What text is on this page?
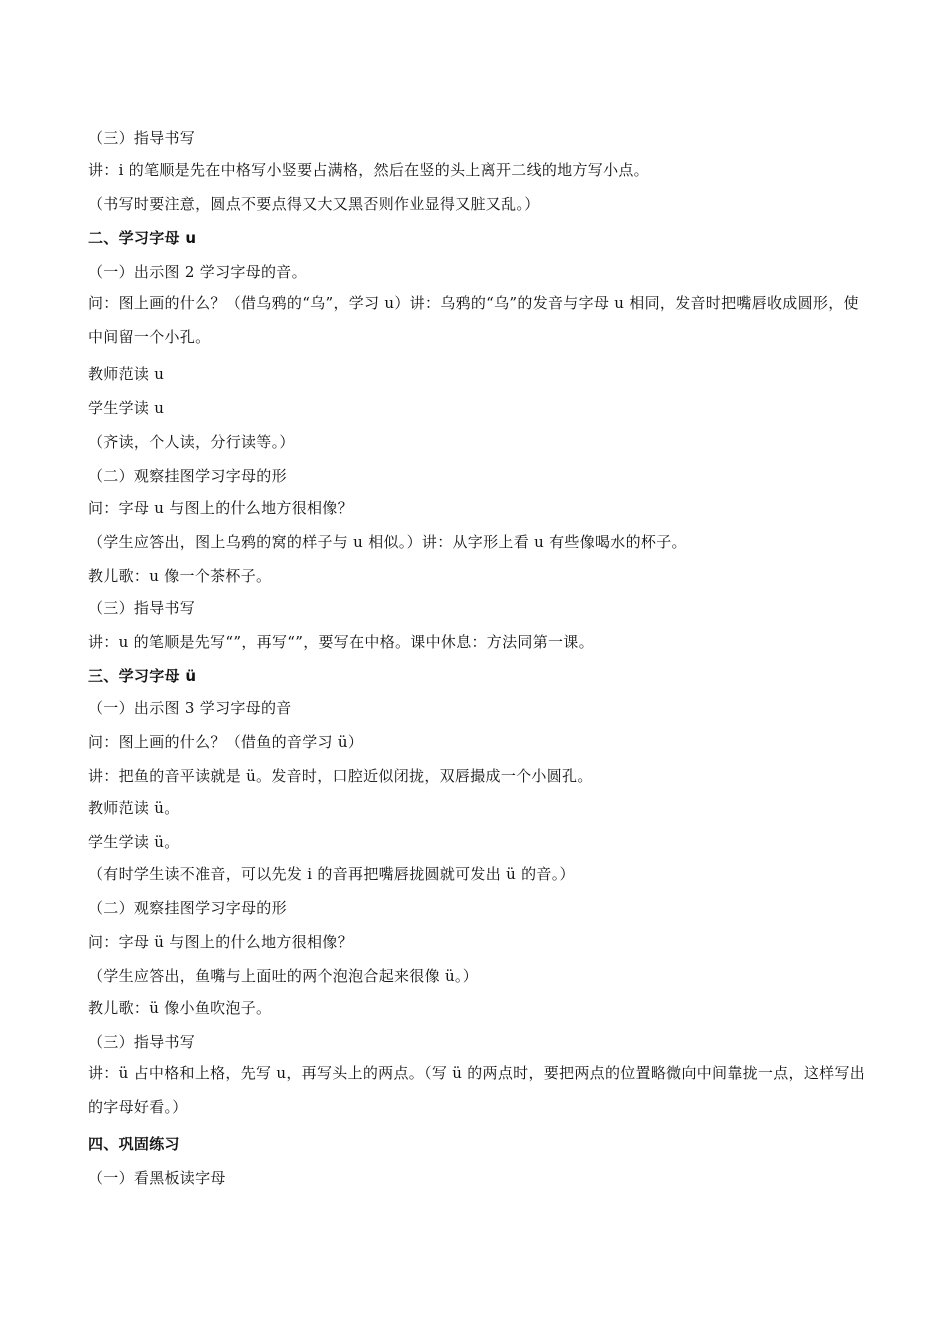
（三）指导书写
讲：i 的笔顺是先在中格写小竖要占满格，然后在竖的头上离开二线的地方写小点。
（书写时要注意，圆点不要点得又大又黑否则作业显得又脏又乱。）
二、学习字母 u
（一）出示图 2 学习字母的音。
问：图上画的什么？（借乌鸦的“乌”，学习 u）讲：乌鸦的“乌”的发音与字母 u 相同，发音时把嘴唇收成圆形，使中间留一个小孔。
教师范读 u
学生学读 u
（齐读，个人读，分行读等。）
（二）观察挂图学习字母的形
问：字母 u 与图上的什么地方很相像？
（学生应答出，图上乌鸦的窝的样子与 u 相似。）讲：从字形上看 u 有些像喝水的杯子。
教儿歌：u 像一个茶杯子。
（三）指导书写
讲：u 的笔顺是先写“”，再写“”，要写在中格。课中休息：方法同第一课。
三、学习字母 ü
（一）出示图 3 学习字母的音
问：图上画的什么？（借鱼的音学习 ü）
讲：把鱼的音平读就是 ü。发音时，口腔近似闭拢，双唇撮成一个小圆孔。
教师范读 ü。
学生学读 ü。
（有时学生读不准音，可以先发 i 的音再把嘴唇拢圆就可发出 ü 的音。）
（二）观察挂图学习字母的形
问：字母 ü 与图上的什么地方很相像？
（学生应答出，鱼嘴与上面吐的两个泡泡合起来很像 ü。）
教儿歌：ü 像小鱼吹泡子。
（三）指导书写
讲：ü 占中格和上格，先写 u，再写头上的两点。（写 ü 的两点时，要把两点的位置略微向中间靠拢一点，这样写出的字母好看。）
四、巩固练习
（一）看黑板读字母
